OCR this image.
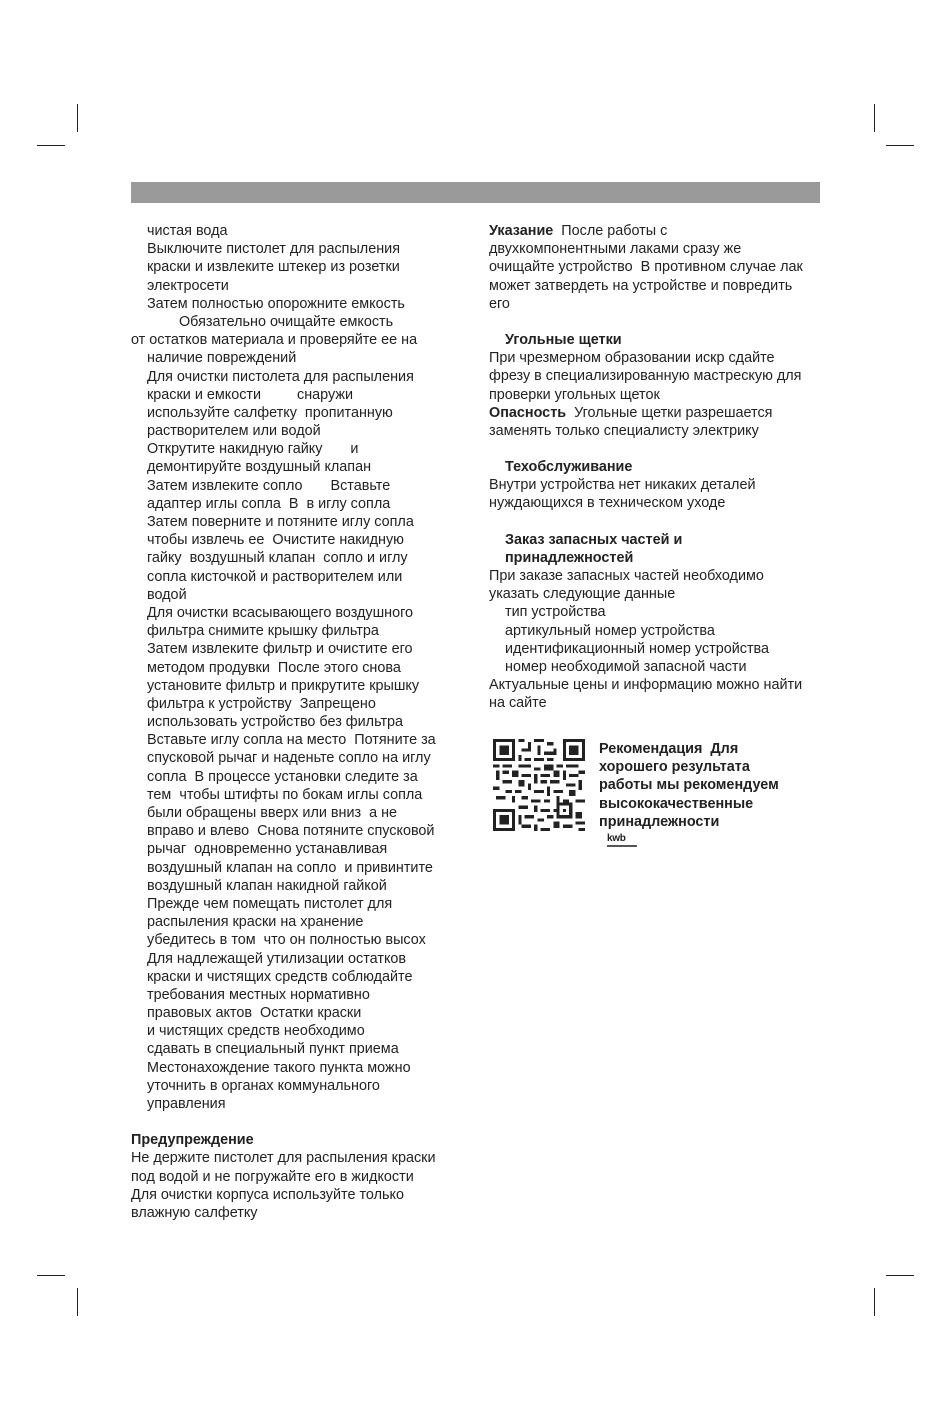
чистая вода
Выключите пистолет для распыления
краски и извлеките штекер из розетки
электросети
Затем полностью опорожните емкость
Обязательно очищайте емкость
от остатков материала и проверяйте ее на
наличие повреждений
Для очистки пистолета для распыления
краски и емкости         снаружи
используйте салфетку  пропитанную
растворителем или водой
Открутите накидную гайку       и
демонтируйте воздушный клапан
Затем извлеките сопло       Вставьте
адаптер иглы сопла  В  в иглу сопла
Затем поверните и потяните иглу сопла
чтобы извлечь ее  Очистите накидную
гайку  воздушный клапан  сопло и иглу
сопла кисточкой и растворителем или
водой
Для очистки всасывающего воздушного
фильтра снимите крышку фильтра
Затем извлеките фильтр и очистите его
методом продувки  После этого снова
установите фильтр и прикрутите крышку
фильтра к устройству  Запрещено
использовать устройство без фильтра
Вставьте иглу сопла на место  Потяните за
спусковой рычаг и наденьте сопло на иглу
сопла  В процессе установки следите за
тем  чтобы штифты по бокам иглы сопла
были обращены вверх или вниз  а не
вправо и влево  Снова потяните спусковой
рычаг  одновременно устанавливая
воздушный клапан на сопло  и привинтите
воздушный клапан накидной гайкой
Прежде чем помещать пистолет для
распыления краски на хранение
убедитесь в том  что он полностью высох
Для надлежащей утилизации остатков
краски и чистящих средств соблюдайте
требования местных нормативно
правовых актов  Остатки краски
и чистящих средств необходимо
сдавать в специальный пункт приема
Местонахождение такого пункта можно
уточнить в органах коммунального
управления
Предупреждение
Не держите пистолет для распыления краски
под водой и не погружайте его в жидкости
Для очистки корпуса используйте только
влажную салфетку
Указание  После работы с
двухкомпонентными лаками сразу же
очищайте устройство  В противном случае лак
может затвердеть на устройстве и повредить
его
Угольные щетки
При чрезмерном образовании искр сдайте
фрезу в специализированную мастрескую для
проверки угольных щеток
Опасность  Угольные щетки разрешается
заменять только специалисту электрику
Техобслуживание
Внутри устройства нет никаких деталей
нуждающихся в техническом уходе
Заказ запасных частей и
принадлежностей
При заказе запасных частей необходимо
указать следующие данные
тип устройства
артикульный номер устройства
идентификационный номер устройства
номер необходимой запасной части
Актуальные цены и информацию можно найти
на сайте
Рекомендация  Для
хорошего результата
работы мы рекомендуем
высококачественные
принадлежности
kwb
